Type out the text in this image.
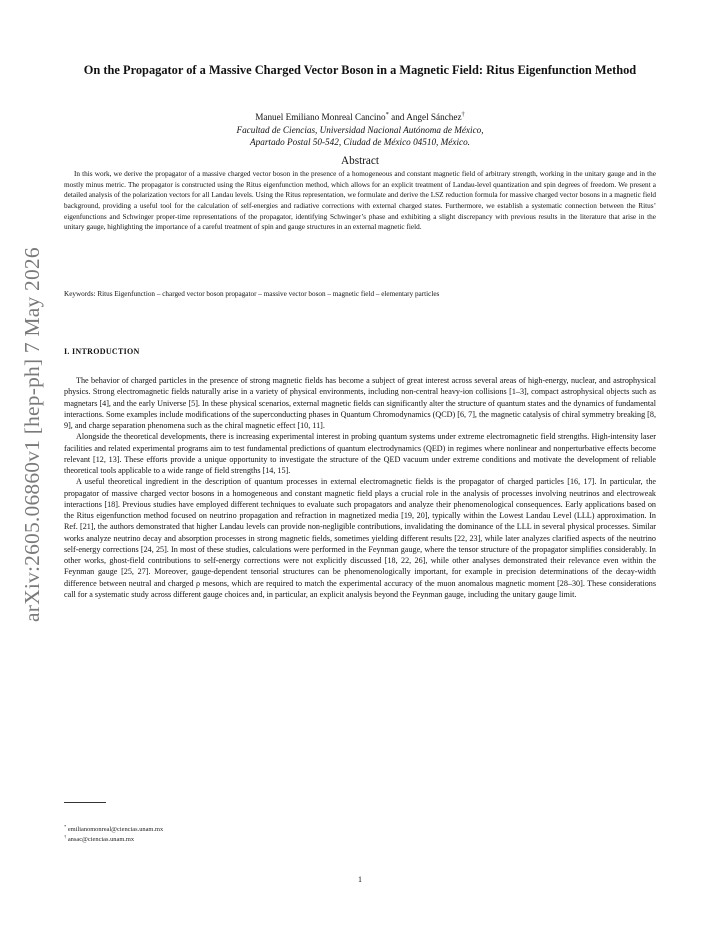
arXiv:2605.06860v1 [hep-ph] 7 May 2026
On the Propagator of a Massive Charged Vector Boson in a Magnetic Field: Ritus Eigenfunction Method
Manuel Emiliano Monreal Cancino* and Angel Sánchez†
Facultad de Ciencias, Universidad Nacional Autónoma de México,
Apartado Postal 50-542, Ciudad de México 04510, México.
Abstract

In this work, we derive the propagator of a massive charged vector boson in the presence of a homogeneous and constant magnetic field of arbitrary strength, working in the unitary gauge and in the mostly minus metric. The propagator is constructed using the Ritus eigenfunction method, which allows for an explicit treatment of Landau-level quantization and spin degrees of freedom. We present a detailed analysis of the polarization vectors for all Landau levels. Using the Ritus representation, we formulate and derive the LSZ reduction formula for massive charged vector bosons in a magnetic field background, providing a useful tool for the calculation of self-energies and radiative corrections with external charged states. Furthermore, we establish a systematic connection between the Ritus’ eigenfunctions and Schwinger proper-time representations of the propagator, identifying Schwinger’s phase and exhibiting a slight discrepancy with previous results in the literature that arise in the unitary gauge, highlighting the importance of a careful treatment of spin and gauge structures in an external magnetic field.

Keywords: Ritus Eigenfunction – charged vector boson propagator – massive vector boson – magnetic field – elementary particles
I. INTRODUCTION

The behavior of charged particles in the presence of strong magnetic fields has become a subject of great interest across several areas of high-energy, nuclear, and astrophysical physics. Strong electromagnetic fields naturally arise in a variety of physical environments, including non-central heavy-ion collisions [1–3], compact astrophysical objects such as magnetars [4], and the early Universe [5]. In these physical scenarios, external magnetic fields can significantly alter the structure of quantum states and the dynamics of fundamental interactions. Some examples include modifications of the superconducting phases in Quantum Chromodynamics (QCD) [6, 7], the magnetic catalysis of chiral symmetry breaking [8, 9], and charge separation phenomena such as the chiral magnetic effect [10, 11].

Alongside the theoretical developments, there is increasing experimental interest in probing quantum systems under extreme electromagnetic field strengths. High-intensity laser facilities and related experimental programs aim to test fundamental predictions of quantum electrodynamics (QED) in regimes where nonlinear and nonperturbative effects become relevant [12, 13]. These efforts provide a unique opportunity to investigate the structure of the QED vacuum under extreme conditions and motivate the development of reliable theoretical tools applicable to a wide range of field strengths [14, 15].

A useful theoretical ingredient in the description of quantum processes in external electromagnetic fields is the propagator of charged particles [16, 17]. In particular, the propagator of massive charged vector bosons in a homogeneous and constant magnetic field plays a crucial role in the analysis of processes involving neutrinos and electroweak interactions [18]. Previous studies have employed different techniques to evaluate such propagators and analyze their phenomenological consequences. Early applications based on the Ritus eigenfunction method focused on neutrino propagation and refraction in magnetized media [19, 20], typically within the Lowest Landau Level (LLL) approximation. In Ref. [21], the authors demonstrated that higher Landau levels can provide non-negligible contributions, invalidating the dominance of the LLL in several physical processes. Similar works analyze neutrino decay and absorption processes in strong magnetic fields, sometimes yielding different results [22, 23], while later analyzes clarified aspects of the neutrino self-energy corrections [24, 25]. In most of these studies, calculations were performed in the Feynman gauge, where the tensor structure of the propagator simplifies considerably. In other works, ghost-field contributions to self-energy corrections were not explicitly discussed [18, 22, 26], while other analyses demonstrated their relevance even within the Feynman gauge [25, 27]. Moreover, gauge-dependent tensorial structures can be phenomenologically important, for example in precision determinations of the decay-width difference between neutral and charged ρ mesons, which are required to match the experimental accuracy of the muon anomalous magnetic moment [28–30]. These considerations call for a systematic study across different gauge choices and, in particular, an explicit analysis beyond the Feynman gauge, including the unitary gauge limit.

* emilianomonreal@ciencias.unam.mx
† ansac@ciencias.unam.mx
1
